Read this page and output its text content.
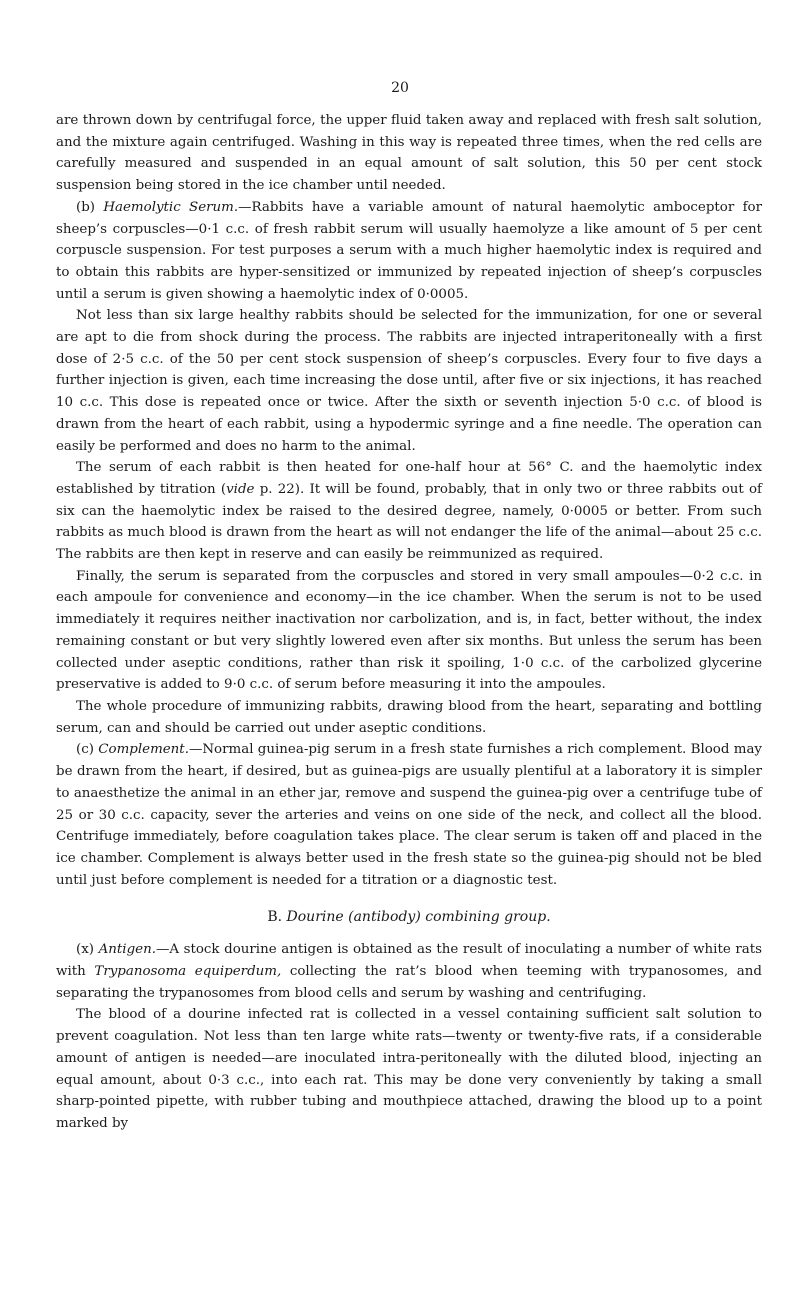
20

are thrown down by centrifugal force, the upper fluid taken away and replaced with fresh salt solution, and the mixture again centrifuged. Washing in this way is repeated three times, when the red cells are carefully measured and suspended in an equal amount of salt solution, this 50 per cent stock suspension being stored in the ice chamber until needed.

(b) Haemolytic Serum.—Rabbits have a variable amount of natural haemolytic amboceptor for sheep’s corpuscles—0·1 c.c. of fresh rabbit serum will usually haemolyze a like amount of 5 per cent corpuscle suspension. For test purposes a serum with a much higher haemolytic index is required and to obtain this rabbits are hyper-sensitized or immunized by repeated injection of sheep’s corpuscles until a serum is given showing a haemolytic index of 0·0005.

Not less than six large healthy rabbits should be selected for the immunization, for one or several are apt to die from shock during the process. The rabbits are injected intraperitoneally with a first dose of 2·5 c.c. of the 50 per cent stock suspension of sheep’s corpuscles. Every four to five days a further injection is given, each time increasing the dose until, after five or six injections, it has reached 10 c.c. This dose is repeated once or twice. After the sixth or seventh injection 5·0 c.c. of blood is drawn from the heart of each rabbit, using a hypodermic syringe and a fine needle. The operation can easily be performed and does no harm to the animal.

The serum of each rabbit is then heated for one-half hour at 56° C. and the haemolytic index established by titration (vide p. 22). It will be found, probably, that in only two or three rabbits out of six can the haemolytic index be raised to the desired degree, namely, 0·0005 or better. From such rabbits as much blood is drawn from the heart as will not endanger the life of the animal—about 25 c.c. The rabbits are then kept in reserve and can easily be reimmunized as required.

Finally, the serum is separated from the corpuscles and stored in very small ampoules—0·2 c.c. in each ampoule for convenience and economy—in the ice chamber. When the serum is not to be used immediately it requires neither inactivation nor carbolization, and is, in fact, better without, the index remaining constant or but very slightly lowered even after six months. But unless the serum has been collected under aseptic conditions, rather than risk it spoiling, 1·0 c.c. of the carbolized glycerine preservative is added to 9·0 c.c. of serum before measuring it into the ampoules.

The whole procedure of immunizing rabbits, drawing blood from the heart, separating and bottling serum, can and should be carried out under aseptic conditions.

(c) Complement.—Normal guinea-pig serum in a fresh state furnishes a rich complement. Blood may be drawn from the heart, if desired, but as guinea-pigs are usually plentiful at a laboratory it is simpler to anaesthetize the animal in an ether jar, remove and suspend the guinea-pig over a centrifuge tube of 25 or 30 c.c. capacity, sever the arteries and veins on one side of the neck, and collect all the blood. Centrifuge immediately, before coagulation takes place. The clear serum is taken off and placed in the ice chamber. Complement is always better used in the fresh state so the guinea-pig should not be bled until just before complement is needed for a titration or a diagnostic test.

B. Dourine (antibody) combining group.

(x) Antigen.—A stock dourine antigen is obtained as the result of inoculating a number of white rats with Trypanosoma equiperdum, collecting the rat’s blood when teeming with trypanosomes, and separating the trypanosomes from blood cells and serum by washing and centrifuging.

The blood of a dourine infected rat is collected in a vessel containing sufficient salt solution to prevent coagulation. Not less than ten large white rats—twenty or twenty-five rats, if a considerable amount of antigen is needed—are inoculated intra-peritoneally with the diluted blood, injecting an equal amount, about 0·3 c.c., into each rat. This may be done very conveniently by taking a small sharp-pointed pipette, with rubber tubing and mouthpiece attached, drawing the blood up to a point marked by
